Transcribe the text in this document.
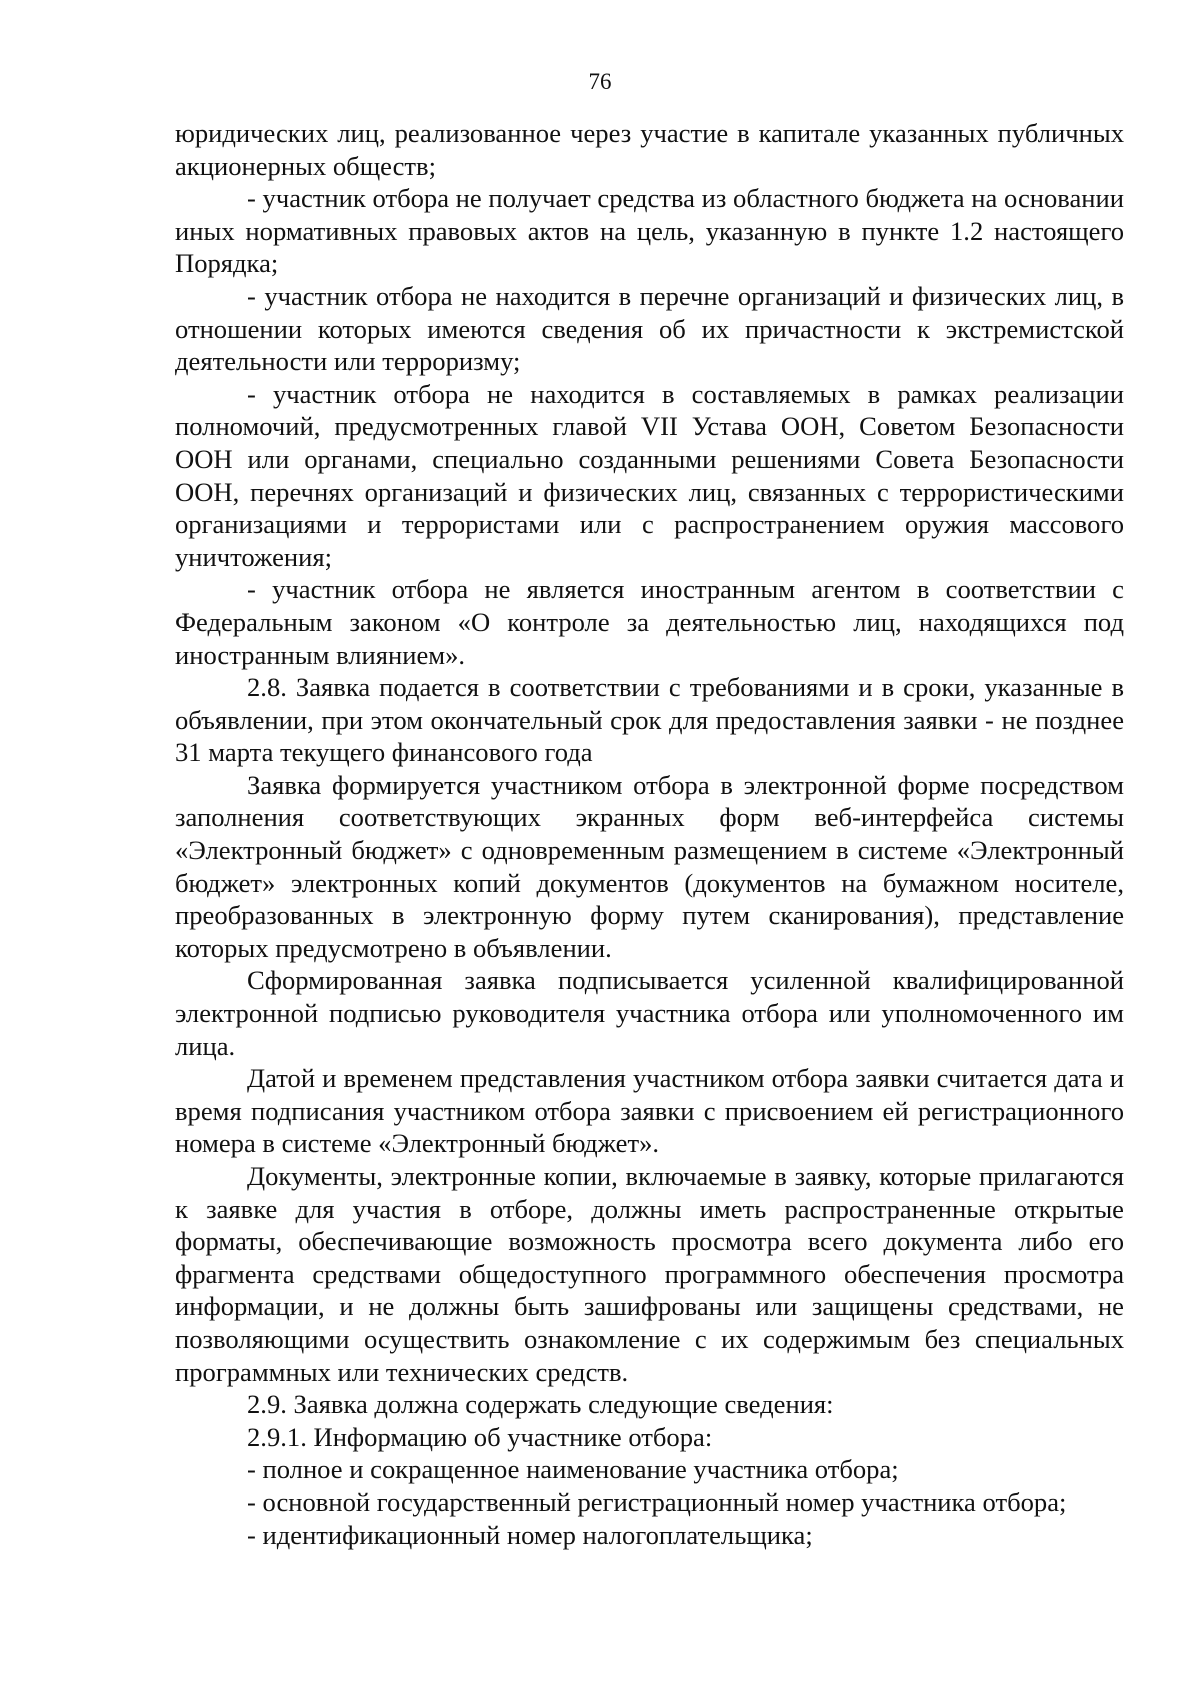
76

юридических лиц, реализованное через участие в капитале указанных публичных акционерных обществ;

- участник отбора не получает средства из областного бюджета на основании иных нормативных правовых актов на цель, указанную в пункте 1.2 настоящего Порядка;

- участник отбора не находится в перечне организаций и физических лиц, в отношении которых имеются сведения об их причастности к экстремистской деятельности или терроризму;

- участник отбора не находится в составляемых в рамках реализации полномочий, предусмотренных главой VII Устава ООН, Советом Безопасности ООН или органами, специально созданными решениями Совета Безопасности ООН, перечнях организаций и физических лиц, связанных с террористическими организациями и террористами или с распространением оружия массового уничтожения;

- участник отбора не является иностранным агентом в соответствии с Федеральным законом «О контроле за деятельностью лиц, находящихся под иностранным влиянием».

2.8. Заявка подается в соответствии с требованиями и в сроки, указанные в объявлении, при этом окончательный срок для предоставления заявки - не позднее 31 марта текущего финансового года

Заявка формируется участником отбора в электронной форме посредством заполнения соответствующих экранных форм веб-интерфейса системы «Электронный бюджет» с одновременным размещением в системе «Электронный бюджет» электронных копий документов (документов на бумажном носителе, преобразованных в электронную форму путем сканирования), представление которых предусмотрено в объявлении.

Сформированная заявка подписывается усиленной квалифицированной электронной подписью руководителя участника отбора или уполномоченного им лица.

Датой и временем представления участником отбора заявки считается дата и время подписания участником отбора заявки с присвоением ей регистрационного номера в системе «Электронный бюджет».

Документы, электронные копии, включаемые в заявку, которые прилагаются к заявке для участия в отборе, должны иметь распространенные открытые форматы, обеспечивающие возможность просмотра всего документа либо его фрагмента средствами общедоступного программного обеспечения просмотра информации, и не должны быть зашифрованы или защищены средствами, не позволяющими осуществить ознакомление с их содержимым без специальных программных или технических средств.

2.9. Заявка должна содержать следующие сведения:

2.9.1. Информацию об участнике отбора:

- полное и сокращенное наименование участника отбора;

- основной государственный регистрационный номер участника отбора;

- идентификационный номер налогоплательщика;
